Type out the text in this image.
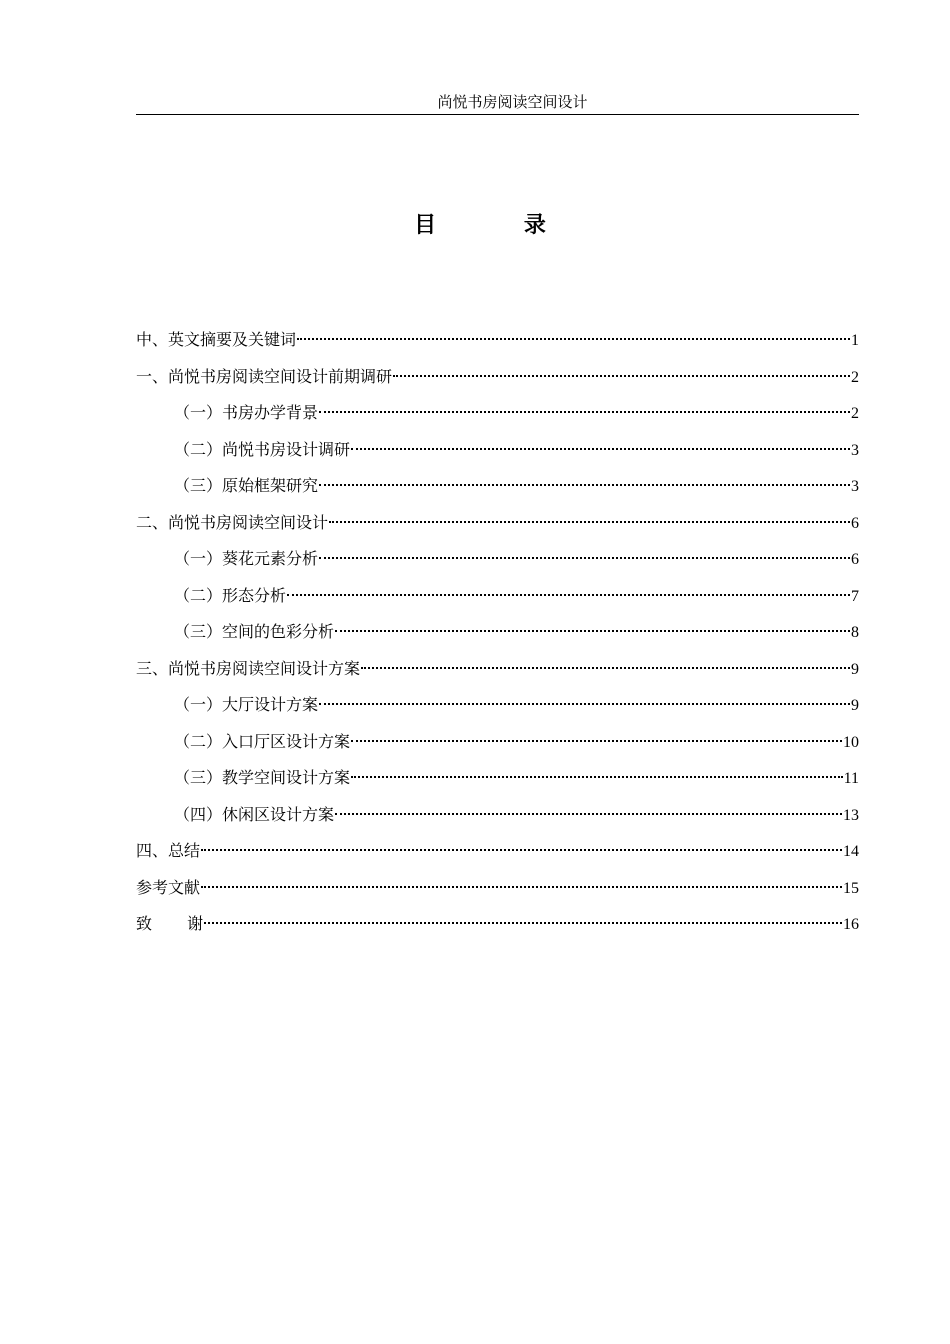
尚悦书房阅读空间设计
目 录
中、英文摘要及关键词	1
一、尚悦书房阅读空间设计前期调研	2
（一）书房办学背景	2
（二）尚悦书房设计调研	3
（三）原始框架研究	3
二、尚悦书房阅读空间设计	6
（一）葵花元素分析	6
（二）形态分析	7
（三）空间的色彩分析	8
三、尚悦书房阅读空间设计方案	9
（一）大厅设计方案	9
（二）入口厅区设计方案	10
（三）教学空间设计方案	11
（四）休闲区设计方案	13
四、总结	14
参考文献	15
致 谢	16
